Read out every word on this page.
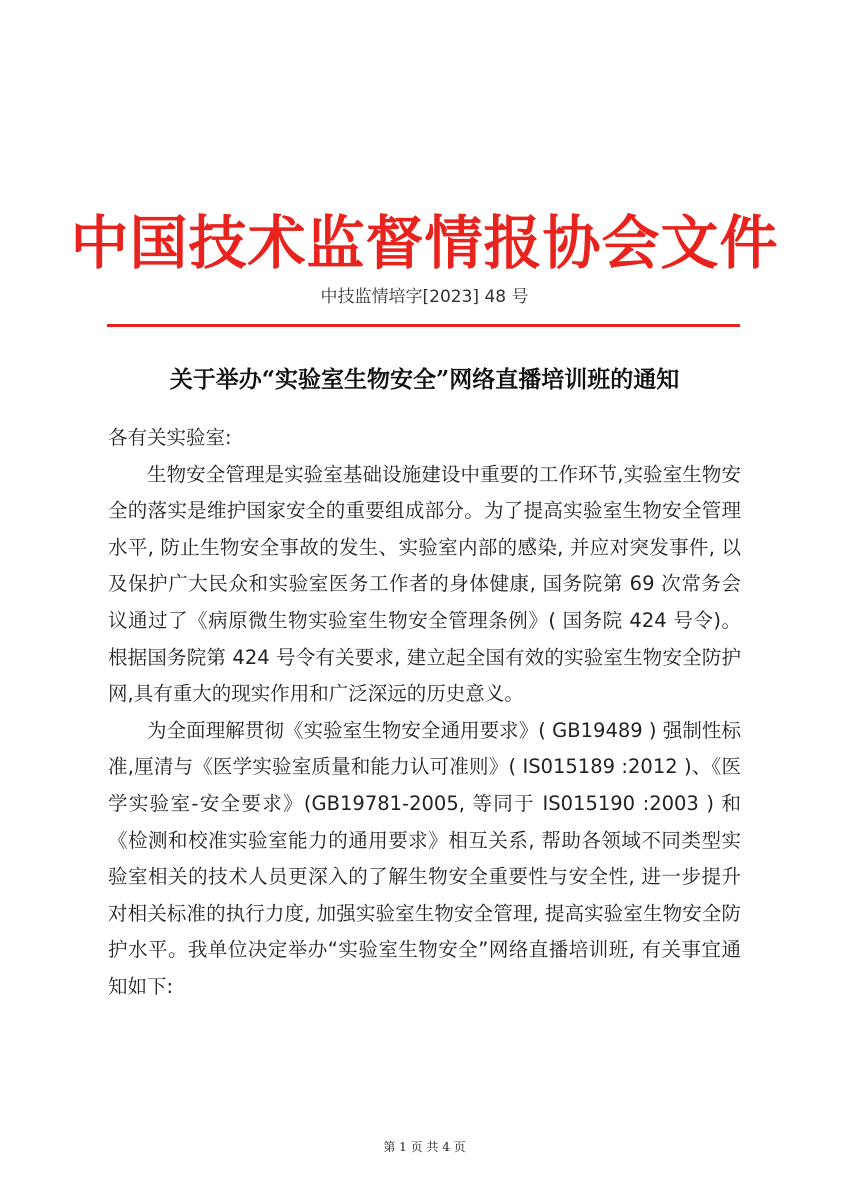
中国技术监督情报协会文件
中技监情培字[2023] 48 号
关于举办“实验室生物安全”网络直播培训班的通知

各有关实验室:

生物安全管理是实验室基础设施建设中重要的工作环节,实验室生物安全的落实是维护国家安全的重要组成部分。为了提高实验室生物安全管理水平, 防止生物安全事故的发生、实验室内部的感染, 并应对突发事件, 以及保护广大民众和实验室医务工作者的身体健康, 国务院第 69 次常务会议通过了《病原微生物实验室生物安全管理条例》( 国务院 424 号令)。根据国务院第 424 号令有关要求, 建立起全国有效的实验室生物安全防护网,具有重大的现实作用和广泛深远的历史意义。

为全面理解贯彻《实验室生物安全通用要求》( GB19489 ) 强制性标准,厘清与《医学实验室质量和能力认可准则》( IS015189 :2012 )、《医学实验室-安全要求》(GB19781-2005, 等同于 IS015190 :2003 ) 和《检测和校准实验室能力的通用要求》相互关系, 帮助各领域不同类型实验室相关的技术人员更深入的了解生物安全重要性与安全性, 进一步提升对相关标准的执行力度, 加强实验室生物安全管理, 提高实验室生物安全防护水平。我单位决定举办“实验室生物安全”网络直播培训班, 有关事宜通知如下:

第 1 页 共 4 页
